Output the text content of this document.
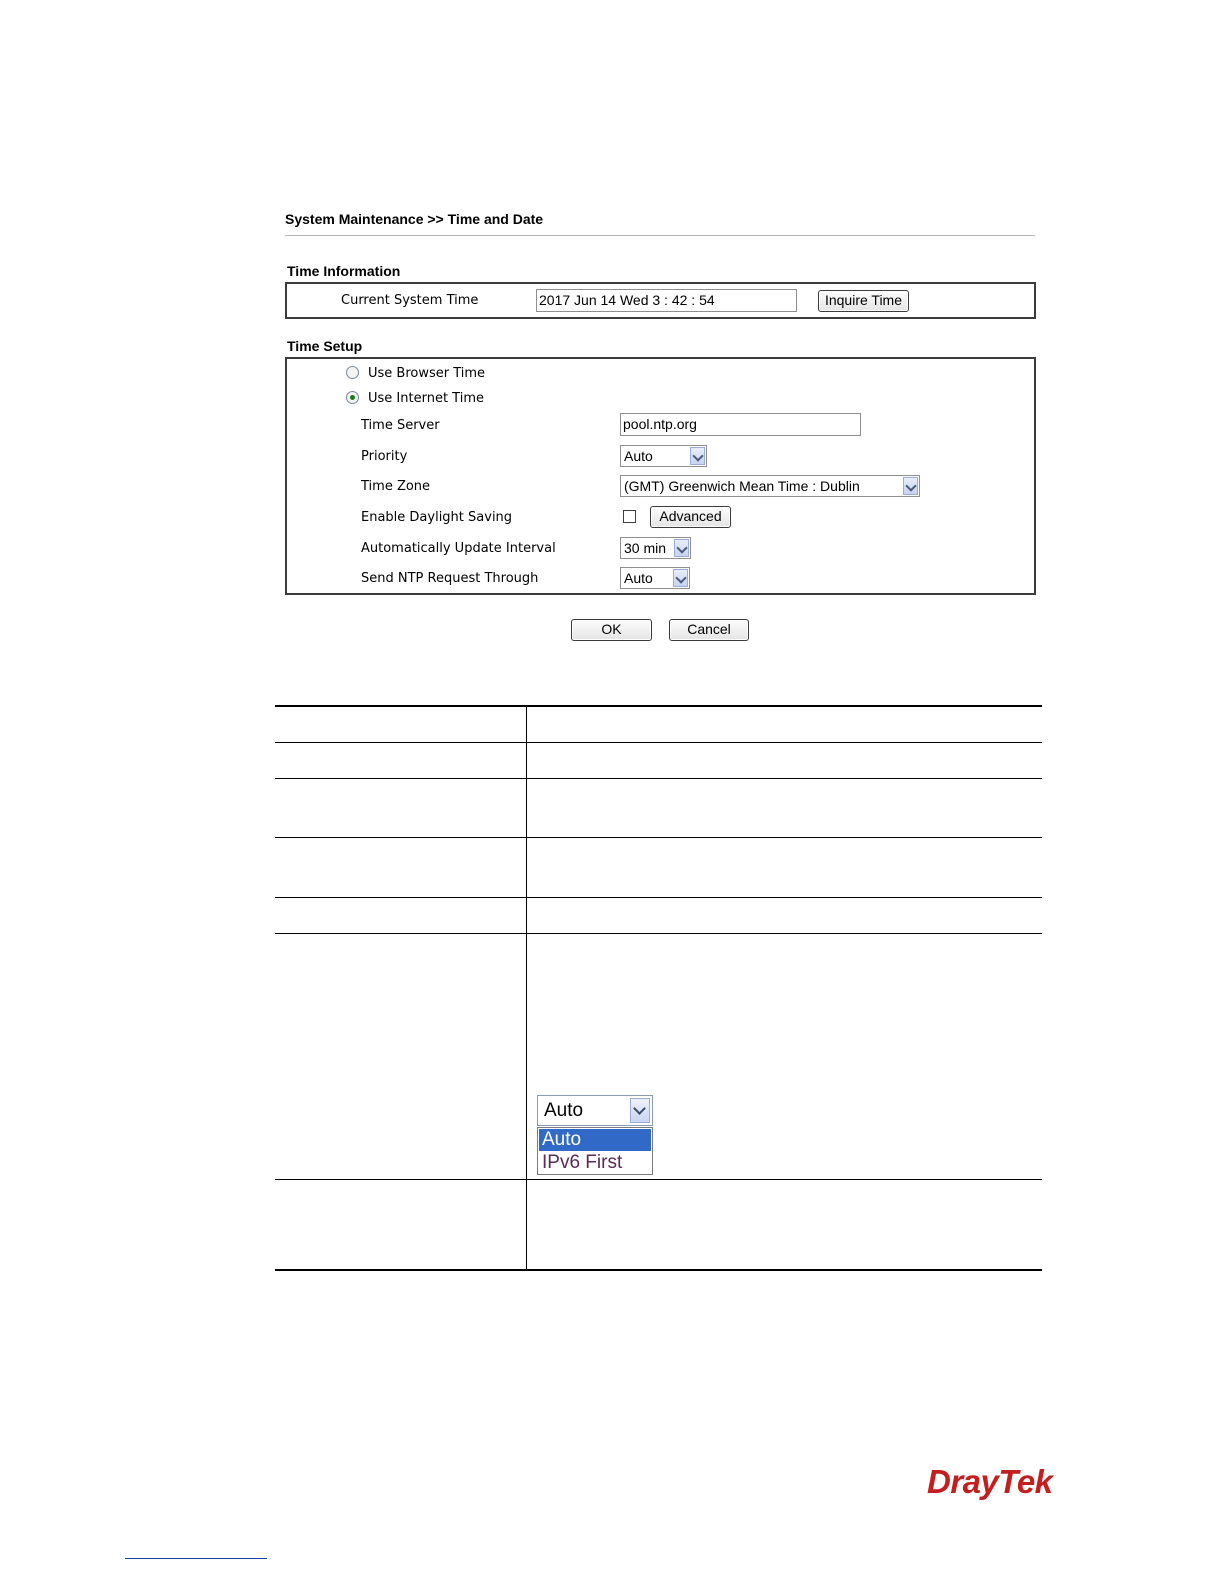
System Maintenance >> Time and Date
Time Information
Current System Time	2017 Jun 14 Wed 3 : 42 : 54	Inquire Time
Time Setup
Use Browser Time
Use Internet Time
Time Server	pool.ntp.org
Priority	Auto
Time Zone	(GMT) Greenwich Mean Time : Dublin
Enable Daylight Saving	Advanced
Automatically Update Interval	30 min
Send NTP Request Through	Auto
OK	Cancel
Auto
Auto
IPv6 First
DrayTek
